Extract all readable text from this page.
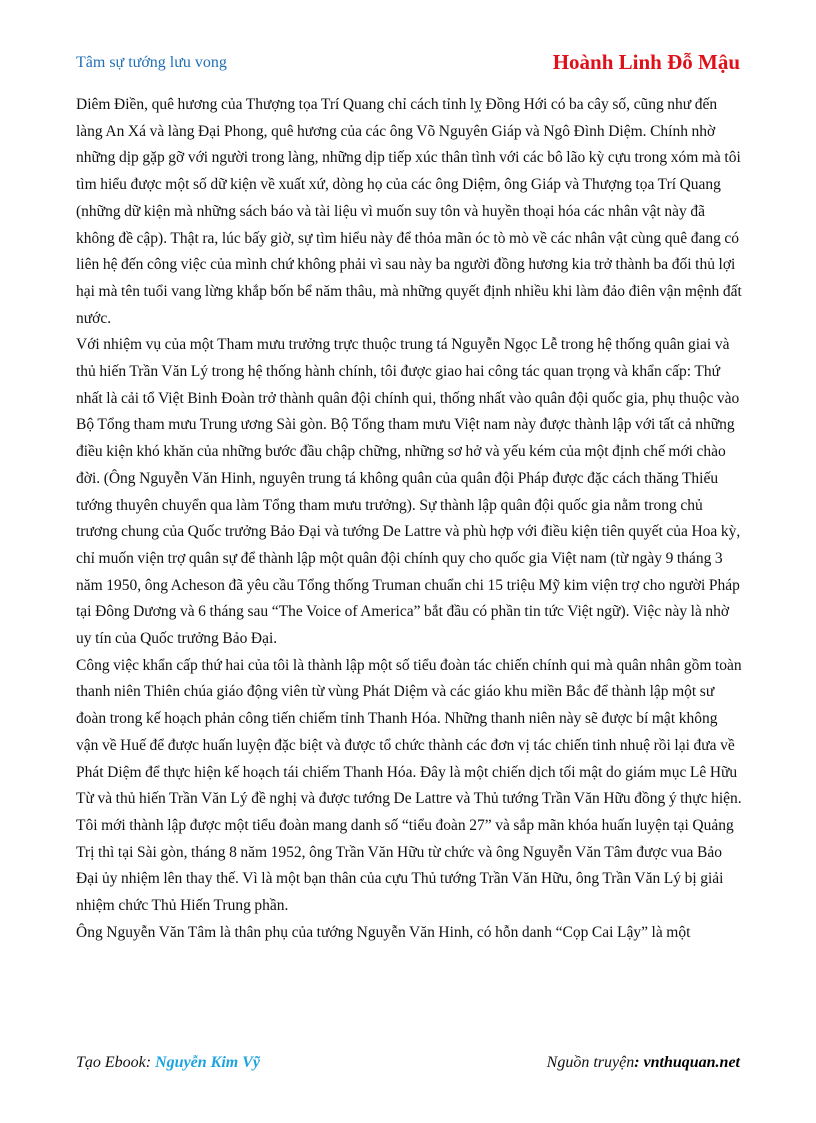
Tâm sự tướng lưu vong	Hoành Linh Đỗ Mậu

Diêm Điền, quê hương của Thượng tọa Trí Quang chỉ cách tỉnh lỵ Đồng Hới có ba cây số, cũng như đến làng An Xá và làng Đại Phong, quê hương của các ông Võ Nguyên Giáp và Ngô Đình Diệm. Chính nhờ những dịp gặp gỡ với người trong làng, những dịp tiếp xúc thân tình với các bô lão kỳ cựu trong xóm mà tôi tìm hiểu được một số dữ kiện về xuất xứ, dòng họ của các ông Diệm, ông Giáp và Thượng tọa Trí Quang (những dữ kiện mà những sách báo và tài liệu vì muốn suy tôn và huyền thoại hóa các nhân vật này đã không đề cập). Thật ra, lúc bấy giờ, sự tìm hiểu này để thỏa mãn óc tò mò về các nhân vật cùng quê đang có liên hệ đến công việc của mình chứ không phải vì sau này ba người đồng hương kia trở thành ba đối thủ lợi hại mà tên tuổi vang lừng khắp bốn bể năm thâu, mà những quyết định nhiều khi làm đảo điên vận mệnh đất nước.

Với nhiệm vụ của một Tham mưu trưởng trực thuộc trung tá Nguyễn Ngọc Lễ trong hệ thống quân giai và thủ hiến Trần Văn Lý trong hệ thống hành chính, tôi được giao hai công tác quan trọng và khẩn cấp: Thứ nhất là cải tổ Việt Binh Đoàn trở thành quân đội chính qui, thống nhất vào quân đội quốc gia, phụ thuộc vào Bộ Tổng tham mưu Trung ương Sài gòn. Bộ Tổng tham mưu Việt nam này được thành lập với tất cả những điều kiện khó khăn của những bước đầu chập chững, những sơ hở và yếu kém của một định chế mới chào đời. (Ông Nguyễn Văn Hinh, nguyên trung tá không quân của quân đội Pháp được đặc cách thăng Thiếu tướng thuyên chuyển qua làm Tổng tham mưu trưởng). Sự thành lập quân đội quốc gia nằm trong chủ trương chung của Quốc trưởng Bảo Đại và tướng De Lattre và phù hợp với điều kiện tiên quyết của Hoa kỳ, chỉ muốn viện trợ quân sự để thành lập một quân đội chính quy cho quốc gia Việt nam (từ ngày 9 tháng 3 năm 1950, ông Acheson đã yêu cầu Tổng thống Truman chuẩn chi 15 triệu Mỹ kim viện trợ cho người Pháp tại Đông Dương và 6 tháng sau “The Voice of America” bắt đầu có phần tin tức Việt ngữ). Việc này là nhờ uy tín của Quốc trưởng Bảo Đại.

Công việc khẩn cấp thứ hai của tôi là thành lập một số tiểu đoàn tác chiến chính qui mà quân nhân gồm toàn thanh niên Thiên chúa giáo động viên từ vùng Phát Diệm và các giáo khu miền Bắc để thành lập một sư đoàn trong kế hoạch phản công tiến chiếm tỉnh Thanh Hóa. Những thanh niên này sẽ được bí mật không vận về Huế để được huấn luyện đặc biệt và được tổ chức thành các đơn vị tác chiến tinh nhuệ rồi lại đưa về Phát Diệm để thực hiện kế hoạch tái chiếm Thanh Hóa. Đây là một chiến dịch tối mật do giám mục Lê Hữu Từ và thủ hiến Trần Văn Lý đề nghị và được tướng De Lattre và Thủ tướng Trần Văn Hữu đồng ý thực hiện. Tôi mới thành lập được một tiểu đoàn mang danh số “tiểu đoàn 27” và sắp mãn khóa huấn luyện tại Quảng Trị thì tại Sài gòn, tháng 8 năm 1952, ông Trần Văn Hữu từ chức và ông Nguyễn Văn Tâm được vua Bảo Đại ủy nhiệm lên thay thế. Vì là một bạn thân của cựu Thủ tướng Trần Văn Hữu, ông Trần Văn Lý bị giải nhiệm chức Thủ Hiến Trung phần.

Ông Nguyễn Văn Tâm là thân phụ của tướng Nguyễn Văn Hinh, có hỗn danh “Cọp Cai Lậy” là một

Tạo Ebook: Nguyễn Kim Vỹ	Nguồn truyện: vnthuquan.net
